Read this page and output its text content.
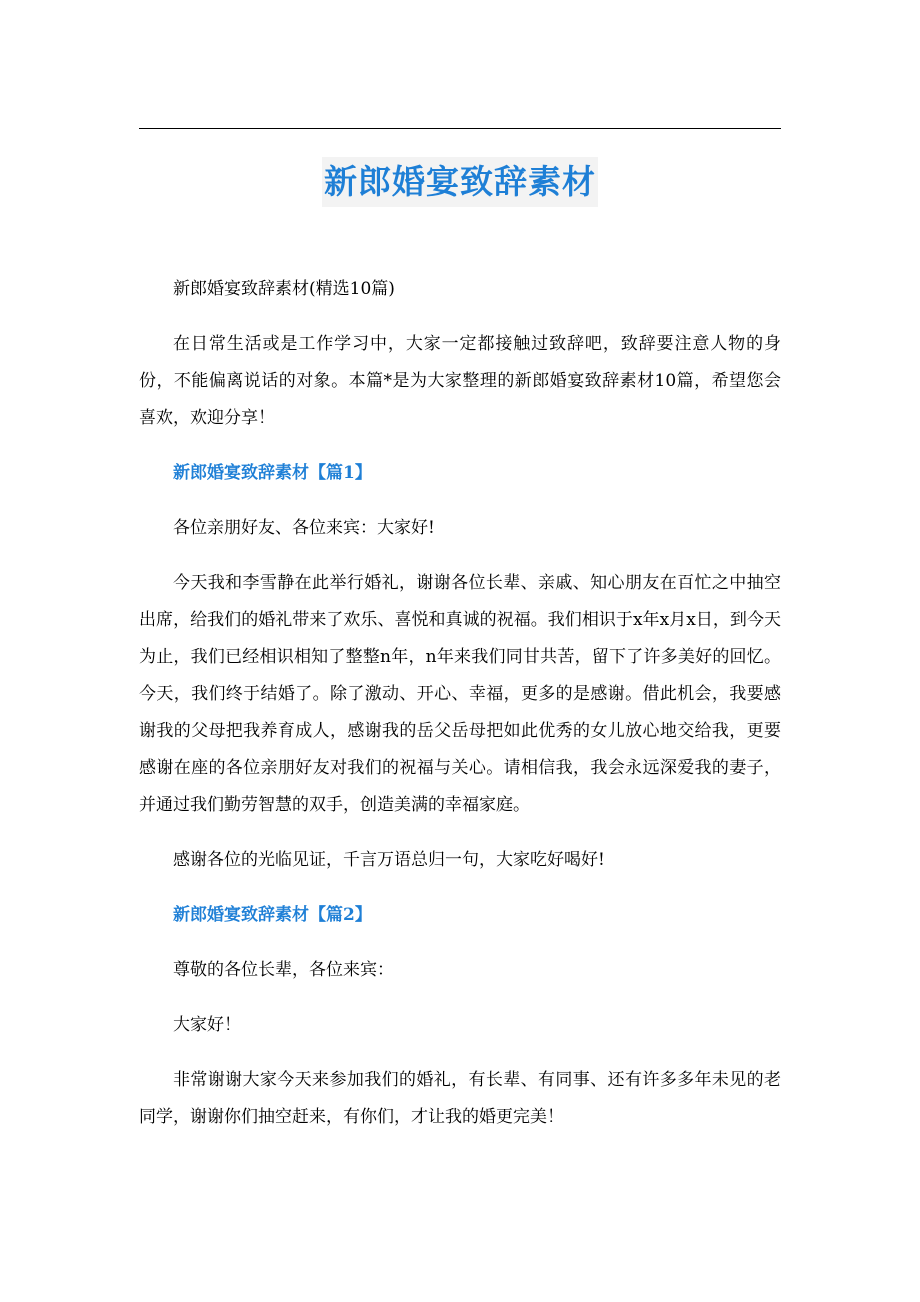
新郎婚宴致辞素材

新郎婚宴致辞素材(精选10篇)

在日常生活或是工作学习中，大家一定都接触过致辞吧，致辞要注意人物的身份，不能偏离说话的对象。本篇*是为大家整理的新郎婚宴致辞素材10篇，希望您会喜欢，欢迎分享！

新郎婚宴致辞素材【篇1】

各位亲朋好友、各位来宾：大家好!

今天我和李雪静在此举行婚礼，谢谢各位长辈、亲戚、知心朋友在百忙之中抽空出席，给我们的婚礼带来了欢乐、喜悦和真诚的祝福。我们相识于x年x月x日，到今天为止，我们已经相识相知了整整n年，n年来我们同甘共苦，留下了许多美好的回忆。今天，我们终于结婚了。除了激动、开心、幸福，更多的是感谢。借此机会，我要感谢我的父母把我养育成人，感谢我的岳父岳母把如此优秀的女儿放心地交给我，更要感谢在座的各位亲朋好友对我们的祝福与关心。请相信我，我会永远深爱我的妻子，并通过我们勤劳智慧的双手，创造美满的幸福家庭。

感谢各位的光临见证，千言万语总归一句，大家吃好喝好!

新郎婚宴致辞素材【篇2】

尊敬的各位长辈，各位来宾：

大家好！

非常谢谢大家今天来参加我们的婚礼，有长辈、有同事、还有许多多年未见的老同学，谢谢你们抽空赶来，有你们，才让我的婚更完美！
